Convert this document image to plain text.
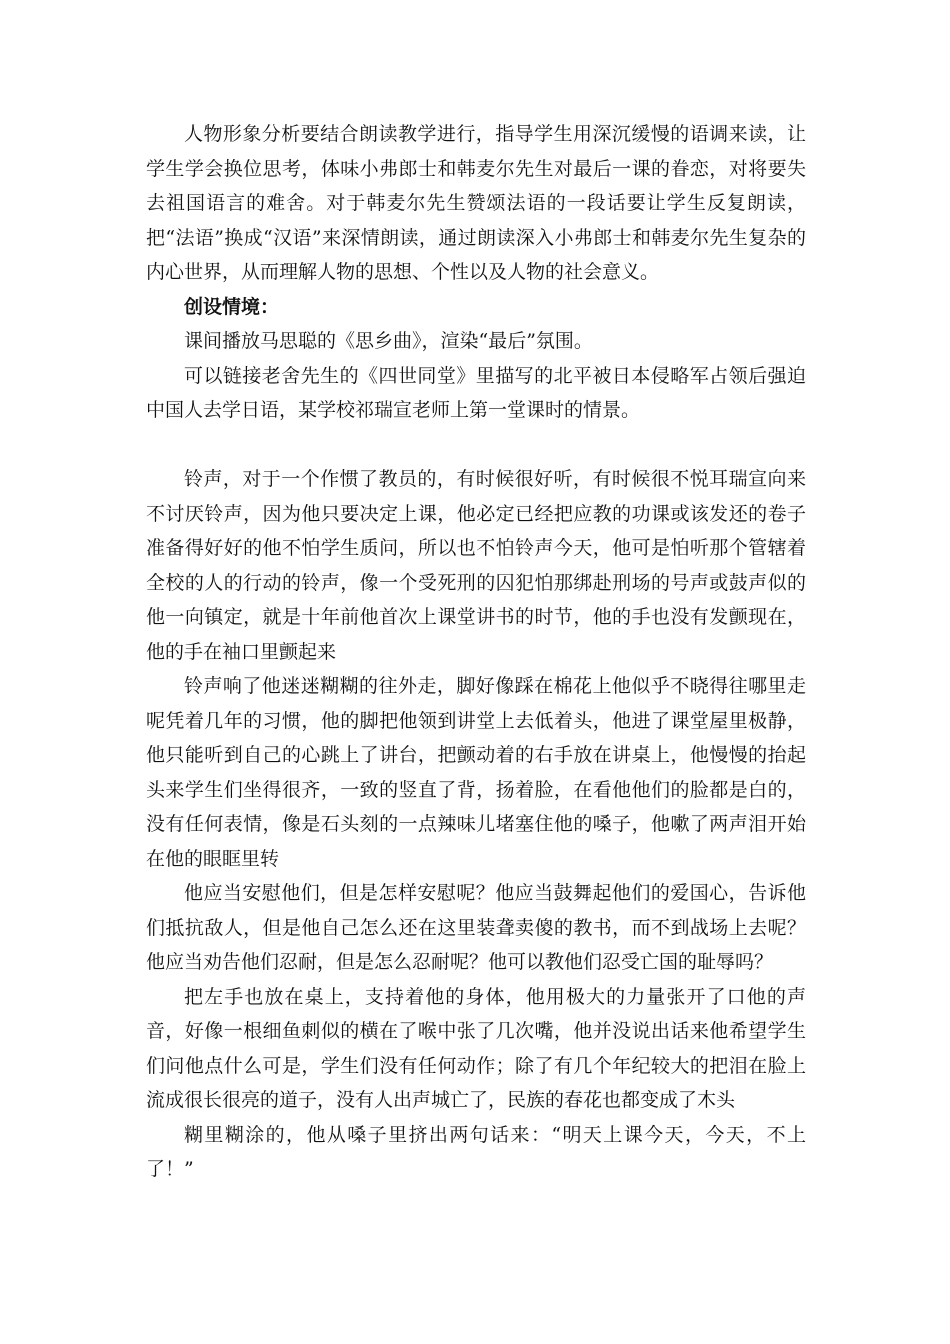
人物形象分析要结合朗读教学进行，指导学生用深沉缓慢的语调来读，让学生学会换位思考，体味小弗郎士和韩麦尔先生对最后一课的眷恋，对将要失去祖国语言的难舍。对于韩麦尔先生赞颂法语的一段话要让学生反复朗读，把“法语”换成“汉语”来深情朗读，通过朗读深入小弗郎士和韩麦尔先生复杂的内心世界，从而理解人物的思想、个性以及人物的社会意义。

创设情境：

课间播放马思聪的《思乡曲》，渲染“最后”氛围。

可以链接老舍先生的《四世同堂》里描写的北平被日本侵略军占领后强迫中国人去学日语，某学校祁瑞宣老师上第一堂课时的情景。

铃声，对于一个作惯了教员的，有时候很好听，有时候很不悦耳瑞宣向来不讨厌铃声，因为他只要决定上课，他必定已经把应教的功课或该发还的卷子准备得好好的他不怕学生质问，所以也不怕铃声今天，他可是怕听那个管辖着全校的人的行动的铃声，像一个受死刑的囚犯怕那绑赴刑场的号声或鼓声似的他一向镇定，就是十年前他首次上课堂讲书的时节，他的手也没有发颤现在，他的手在袖口里颤起来

铃声响了他迷迷糊糊的往外走，脚好像踩在棉花上他似乎不晓得往哪里走呢凭着几年的习惯，他的脚把他领到讲堂上去低着头，他进了课堂屋里极静，他只能听到自己的心跳上了讲台，把颤动着的右手放在讲桌上，他慢慢的抬起头来学生们坐得很齐，一致的竖直了背，扬着脸，在看他他们的脸都是白的，没有任何表情，像是石头刻的一点辣味儿堵塞住他的嗓子，他嗽了两声泪开始在他的眼眶里转

他应当安慰他们，但是怎样安慰呢？他应当鼓舞起他们的爱国心，告诉他们抵抗敌人，但是他自己怎么还在这里装聋卖傻的教书，而不到战场上去呢？他应当劝告他们忍耐，但是怎么忍耐呢？他可以教他们忍受亡国的耻辱吗？

把左手也放在桌上，支持着他的身体，他用极大的力量张开了口他的声音，好像一根细鱼刺似的横在了喉中张了几次嘴，他并没说出话来他希望学生们问他点什么可是，学生们没有任何动作；除了有几个年纪较大的把泪在脸上流成很长很亮的道子，没有人出声城亡了，民族的春花也都变成了木头

糊里糊涂的，他从嗓子里挤出两句话来：“明天上课今天，今天，不上了！”
